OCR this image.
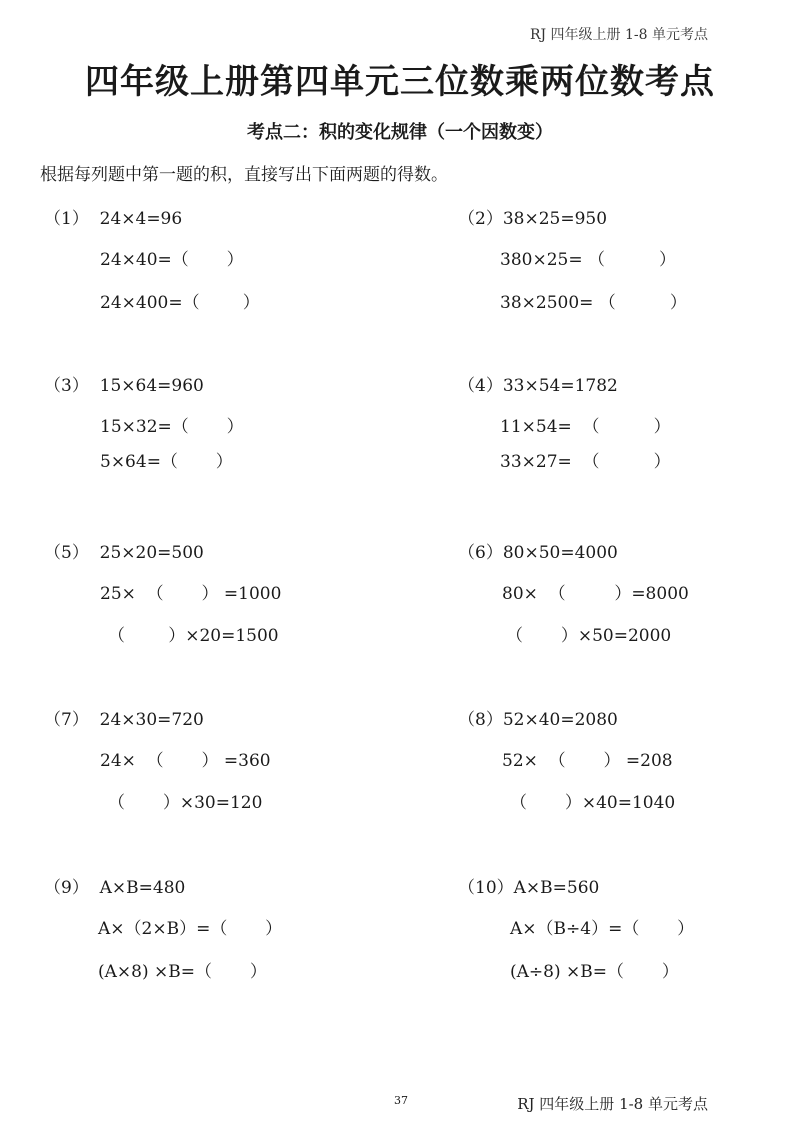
RJ 四年级上册 1-8 单元考点
四年级上册第四单元三位数乘两位数考点
考点二：积的变化规律（一个因数变）
根据每列题中第一题的积，直接写出下面两题的得数。
（1）  24×4=96
24×40=（       ）
24×400=（        ）
（2）38×25=950
380×25= （          ）
38×2500= （          ）
（3）  15×64=960
15×32=（       ）
5×64=（       ）
（4）33×54=1782
11×54=  （          ）
33×27=  （          ）
（5）  25×20=500
25×  （       ） =1000
（        ）×20=1500
（6）80×50=4000
80×  （         ）=8000
（       ）×50=2000
（7）  24×30=720
24×  （       ） =360
（       ）×30=120
（8）52×40=2080
52×  （       ） =208
（       ）×40=1040
（9）  A×B=480
A×（2×B）=（       ）
(A×8) ×B=（       ）
（10）A×B=560
A×（B÷4）=（       ）
(A÷8) ×B=（       ）
37	RJ 四年级上册 1-8 单元考点
